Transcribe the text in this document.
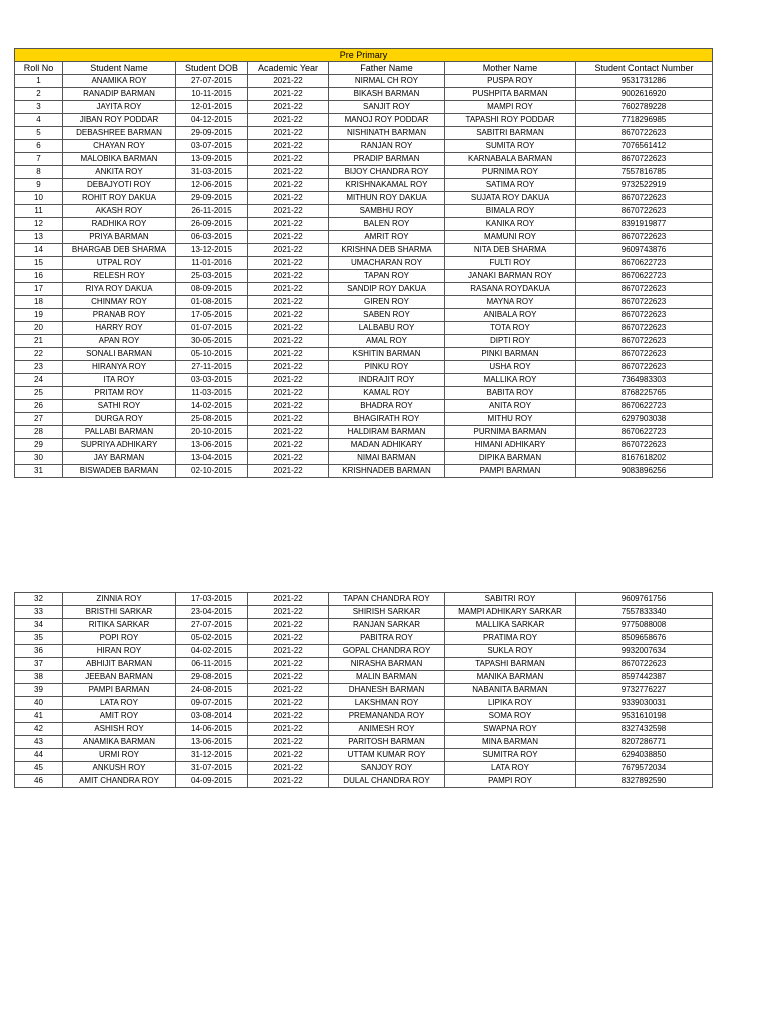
Pre Primary						
Roll No	Student Name	Student DOB	Academic Year	Father Name	Mother Name	Student Contact Number
1	ANAMIKA ROY	27-07-2015	2021-22	NIRMAL CH ROY	PUSPA ROY	9531731286
2	RANADIP BARMAN	10-11-2015	2021-22	BIKASH BARMAN	PUSHPITA BARMAN	9002616920
3	JAYITA ROY	12-01-2015	2021-22	SANJIT ROY	MAMPI ROY	7602789228
4	JIBAN ROY PODDAR	04-12-2015	2021-22	MANOJ ROY PODDAR	TAPASHI ROY PODDAR	7718296985
5	DEBASHREE BARMAN	29-09-2015	2021-22	NISHINATH BARMAN	SABITRI BARMAN	8670722623
6	CHAYAN ROY	03-07-2015	2021-22	RANJAN ROY	SUMITA ROY	7076561412
7	MALOBIKA BARMAN	13-09-2015	2021-22	PRADIP BARMAN	KARNABALA BARMAN	8670722623
8	ANKITA ROY	31-03-2015	2021-22	BIJOY CHANDRA ROY	PURNIMA ROY	7557816785
9	DEBAJYOTI ROY	12-06-2015	2021-22	KRISHNAKAMAL ROY	SATIMA ROY	9732522919
10	ROHIT ROY DAKUA	29-09-2015	2021-22	MITHUN ROY DAKUA	SUJATA ROY DAKUA	8670722623
11	AKASH ROY	26-11-2015	2021-22	SAMBHU ROY	BIMALA ROY	8670722623
12	RADHIKA ROY	26-09-2015	2021-22	BALEN ROY	KANIKA ROY	8391919877
13	PRIYA BARMAN	06-03-2015	2021-22	AMRIT ROY	MAMUNI ROY	8670722623
14	BHARGAB DEB SHARMA	13-12-2015	2021-22	KRISHNA DEB SHARMA	NITA DEB SHARMA	9609743876
15	UTPAL ROY	11-01-2016	2021-22	UMACHARAN ROY	FULTI ROY	8670622723
16	RELESH ROY	25-03-2015	2021-22	TAPAN ROY	JANAKI BARMAN ROY	8670622723
17	RIYA ROY DAKUA	08-09-2015	2021-22	SANDIP ROY DAKUA	RASANA ROYDAKUA	8670722623
18	CHINMAY ROY	01-08-2015	2021-22	GIREN ROY	MAYNA ROY	8670722623
19	PRANAB ROY	17-05-2015	2021-22	SABEN ROY	ANIBALA ROY	8670722623
20	HARRY ROY	01-07-2015	2021-22	LALBABU ROY	TOTA ROY	8670722623
21	APAN ROY	30-05-2015	2021-22	AMAL ROY	DIPTI ROY	8670722623
22	SONALI BARMAN	05-10-2015	2021-22	KSHITIN BARMAN	PINKI BARMAN	8670722623
23	HIRANYA ROY	27-11-2015	2021-22	PINKU ROY	USHA ROY	8670722623
24	ITA ROY	03-03-2015	2021-22	INDRAJIT ROY	MALLIKA ROY	7364983303
25	PRITAM ROY	11-03-2015	2021-22	KAMAL ROY	BABITA ROY	8768225765
26	SATHI ROY	14-02-2015	2021-22	BHADRA ROY	ANITA ROY	8670622723
27	DURGA ROY	25-08-2015	2021-22	BHAGIRATH ROY	MITHU ROY	6297903038
28	PALLABI BARMAN	20-10-2015	2021-22	HALDIRAM BARMAN	PURNIMA BARMAN	8670622723
29	SUPRIYA ADHIKARY	13-06-2015	2021-22	MADAN ADHIKARY	HIMANI ADHIKARY	8670722623
30	JAY BARMAN	13-04-2015	2021-22	NIMAI BARMAN	DIPIKA BARMAN	8167618202
31	BISWADEB BARMAN	02-10-2015	2021-22	KRISHNADEB BARMAN	PAMPI BARMAN	9083896256
32	ZINNIA ROY	17-03-2015	2021-22	TAPAN CHANDRA ROY	SABITRI ROY	9609761756
33	BRISTHI SARKAR	23-04-2015	2021-22	SHIRISH SARKAR	MAMPI ADHIKARY SARKAR	7557833340
34	RITIKA SARKAR	27-07-2015	2021-22	RANJAN SARKAR	MALLIKA SARKAR	9775088008
35	POPI ROY	05-02-2015	2021-22	PABITRA ROY	PRATIMA ROY	8509658676
36	HIRAN ROY	04-02-2015	2021-22	GOPAL CHANDRA ROY	SUKLA ROY	9932007634
37	ABHIJIT BARMAN	06-11-2015	2021-22	NIRASHA BARMAN	TAPASHI BARMAN	8670722623
38	JEEBAN BARMAN	29-08-2015	2021-22	MALIN BARMAN	MANIKA BARMAN	8597442387
39	PAMPI BARMAN	24-08-2015	2021-22	DHANESH BARMAN	NABANITA BARMAN	9732776227
40	LATA ROY	09-07-2015	2021-22	LAKSHMAN ROY	LIPIKA ROY	9339030031
41	AMIT ROY	03-08-2014	2021-22	PREMANANDA ROY	SOMA ROY	9531610198
42	ASHISH ROY	14-06-2015	2021-22	ANIMESH ROY	SWAPNA ROY	8327432598
43	ANAMIKA BARMAN	13-06-2015	2021-22	PARITOSH BARMAN	MINA BARMAN	8207286771
44	URMI ROY	31-12-2015	2021-22	UTTAM KUMAR ROY	SUMITRA ROY	6294038850
45	ANKUSH ROY	31-07-2015	2021-22	SANJOY ROY	LATA ROY	7679572034
46	AMIT CHANDRA ROY	04-09-2015	2021-22	DULAL CHANDRA ROY	PAMPI ROY	8327892590
